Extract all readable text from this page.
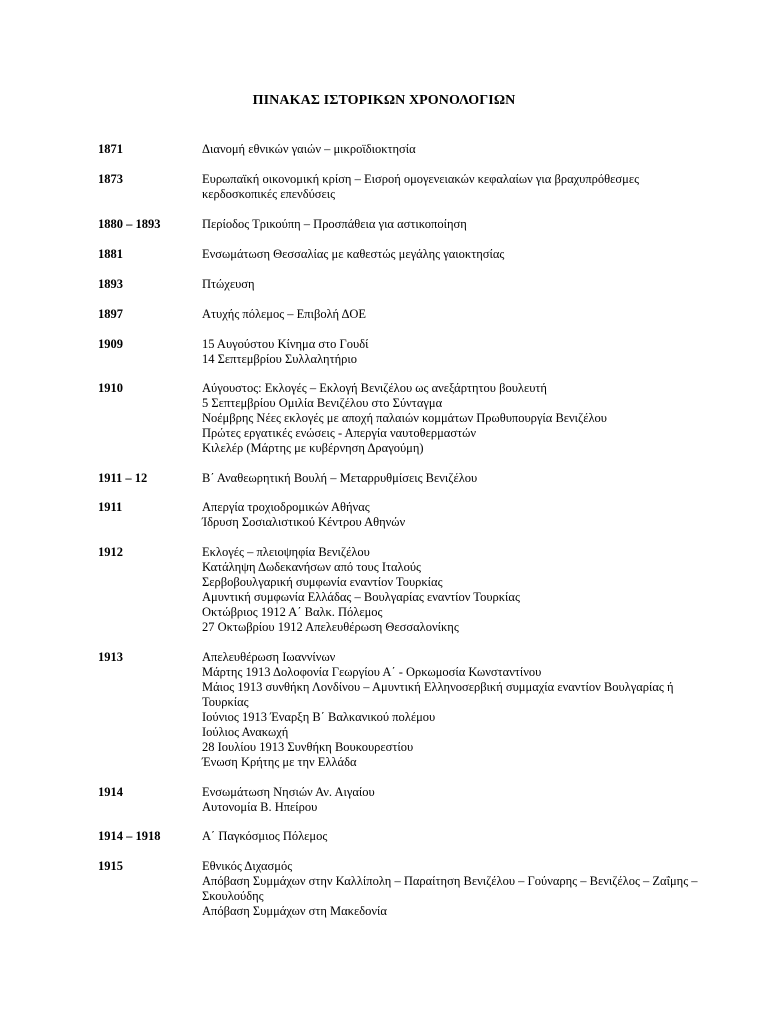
ΠΙΝΑΚΑΣ ΙΣΤΟΡΙΚΩΝ ΧΡΟΝΟΛΟΓΙΩΝ
1871	Διανομή εθνικών γαιών – μικροϊδιοκτησία
1873	Ευρωπαϊκή οικονομική κρίση – Εισροή ομογενειακών κεφαλαίων για βραχυπρόθεσμες
κερδοσκοπικές επενδύσεις
1880 – 1893	Περίοδος Τρικούπη – Προσπάθεια για αστικοποίηση
1881	Ενσωμάτωση Θεσσαλίας με καθεστώς μεγάλης γαιοκτησίας
1893	Πτώχευση
1897	Ατυχής πόλεμος – Επιβολή ΔΟΕ
1909	15 Αυγούστου Κίνημα στο Γουδί
14 Σεπτεμβρίου Συλλαλητήριο
1910	Αύγουστος: Εκλογές – Εκλογή Βενιζέλου ως ανεξάρτητου βουλευτή
5 Σεπτεμβρίου Ομιλία Βενιζέλου στο Σύνταγμα
Νοέμβρης Νέες εκλογές με αποχή παλαιών κομμάτων Πρωθυπουργία Βενιζέλου
Πρώτες εργατικές ενώσεις - Απεργία ναυτοθερμαστών
Κιλελέρ (Μάρτης με κυβέρνηση Δραγούμη)
1911 – 12	Β΄ Αναθεωρητική Βουλή – Μεταρρυθμίσεις Βενιζέλου
1911	Απεργία τροχιοδρομικών Αθήνας
Ίδρυση Σοσιαλιστικού Κέντρου Αθηνών
1912	Εκλογές – πλειοψηφία Βενιζέλου
Κατάληψη Δωδεκανήσων από τους Ιταλούς
Σερβοβουλγαρική συμφωνία εναντίον Τουρκίας
Αμυντική συμφωνία Ελλάδας – Βουλγαρίας εναντίον Τουρκίας
Οκτώβριος 1912 Α΄ Βαλκ. Πόλεμος
27 Οκτωβρίου 1912 Απελευθέρωση Θεσσαλονίκης
1913	Απελευθέρωση Ιωαννίνων
Μάρτης 1913 Δολοφονία Γεωργίου Α΄ - Ορκωμοσία Κωνσταντίνου
Μάιος 1913 συνθήκη Λονδίνου – Αμυντική Ελληνοσερβική συμμαχία εναντίον Βουλγαρίας ή
Τουρκίας
Ιούνιος 1913 Έναρξη Β΄ Βαλκανικού πολέμου
Ιούλιος Ανακωχή
28 Ιουλίου 1913 Συνθήκη Βουκουρεστίου
Ένωση Κρήτης με την Ελλάδα
1914	Ενσωμάτωση Νησιών Αν. Αιγαίου
Αυτονομία Β. Ηπείρου
1914 – 1918	Α΄ Παγκόσμιος Πόλεμος
1915	Εθνικός Διχασμός
Απόβαση Συμμάχων στην Καλλίπολη – Παραίτηση Βενιζέλου – Γούναρης – Βενιζέλος – Ζαΐμης –
Σκουλούδης
Απόβαση Συμμάχων στη Μακεδονία
